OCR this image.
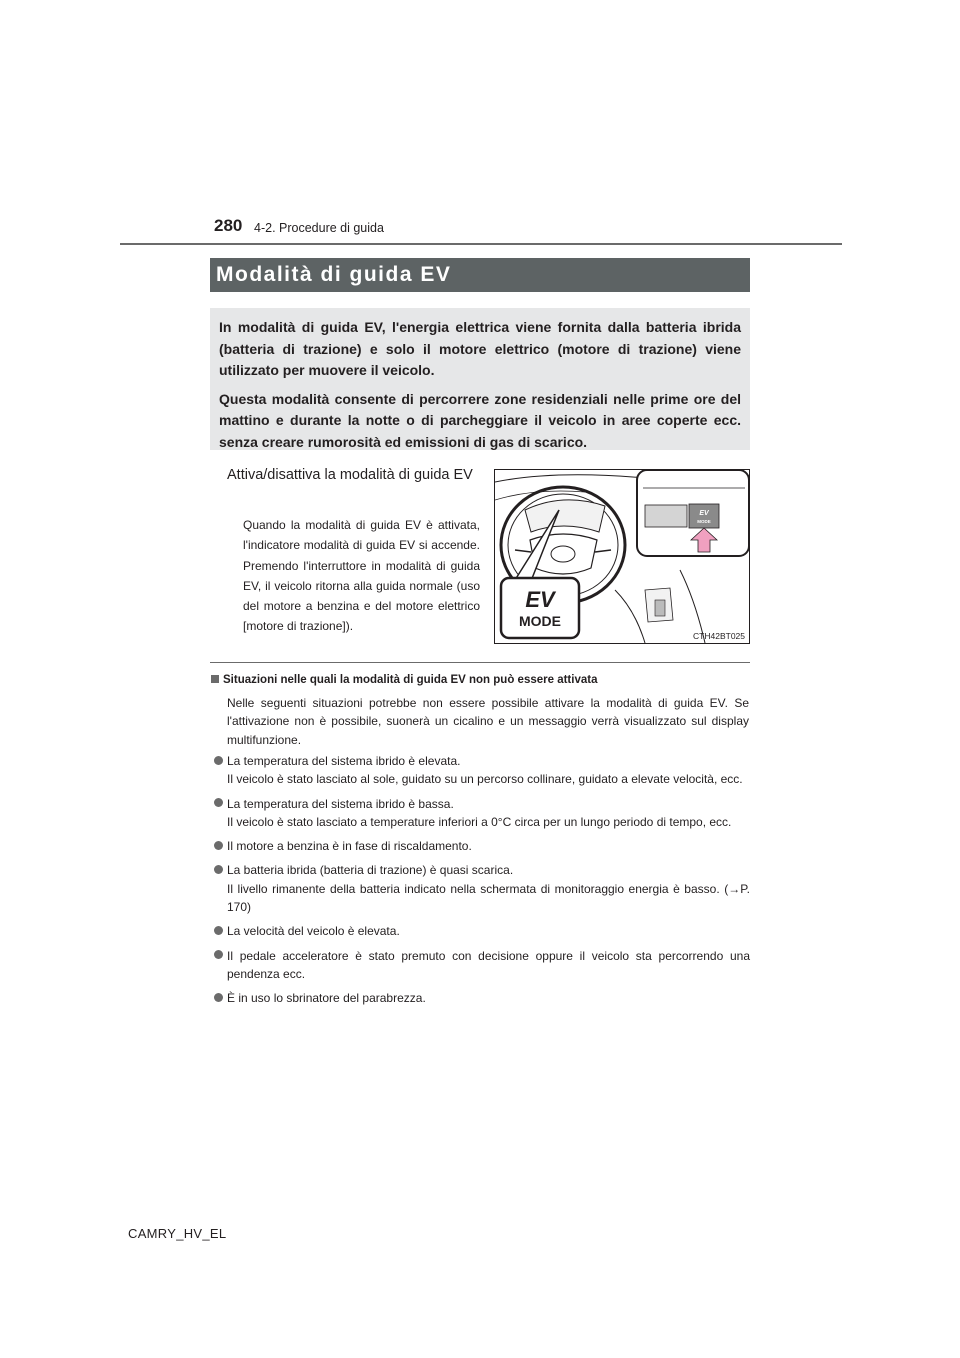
280 4-2. Procedure di guida
Modalità di guida EV

In modalità di guida EV, l'energia elettrica viene fornita dalla batteria ibrida (batteria di trazione) e solo il motore elettrico (motore di trazione) viene utilizzato per muovere il veicolo.

Questa modalità consente di percorrere zone residenziali nelle prime ore del mattino e durante la notte o di parcheggiare il veicolo in aree coperte ecc. senza creare rumorosità ed emissioni di gas di scarico.

Attiva/disattiva la modalità di guida EV
Quando la modalità di guida EV è attivata, l'indicatore modalità di guida EV si accende. Premendo l'interruttore in modalità di guida EV, il veicolo ritorna alla guida normale (uso del motore a benzina e del motore elettrico [motore di trazione]).
EV
MODE
EV
MODE
CTH42BT025
Situazioni nelle quali la modalità di guida EV non può essere attivata
Nelle seguenti situazioni potrebbe non essere possibile attivare la modalità di guida EV. Se l'attivazione non è possibile, suonerà un cicalino e un messaggio verrà visualizzato sul display multifunzione.
La temperatura del sistema ibrido è elevata.
Il veicolo è stato lasciato al sole, guidato su un percorso collinare, guidato a elevate velocità, ecc.
La temperatura del sistema ibrido è bassa.
Il veicolo è stato lasciato a temperature inferiori a 0°C circa per un lungo periodo di tempo, ecc.
Il motore a benzina è in fase di riscaldamento.
La batteria ibrida (batteria di trazione) è quasi scarica.
Il livello rimanente della batteria indicato nella schermata di monitoraggio energia è basso. (→P. 170)
La velocità del veicolo è elevata.
Il pedale acceleratore è stato premuto con decisione oppure il veicolo sta percorrendo una pendenza ecc.
È in uso lo sbrinatore del parabrezza.
CAMRY_HV_EL
